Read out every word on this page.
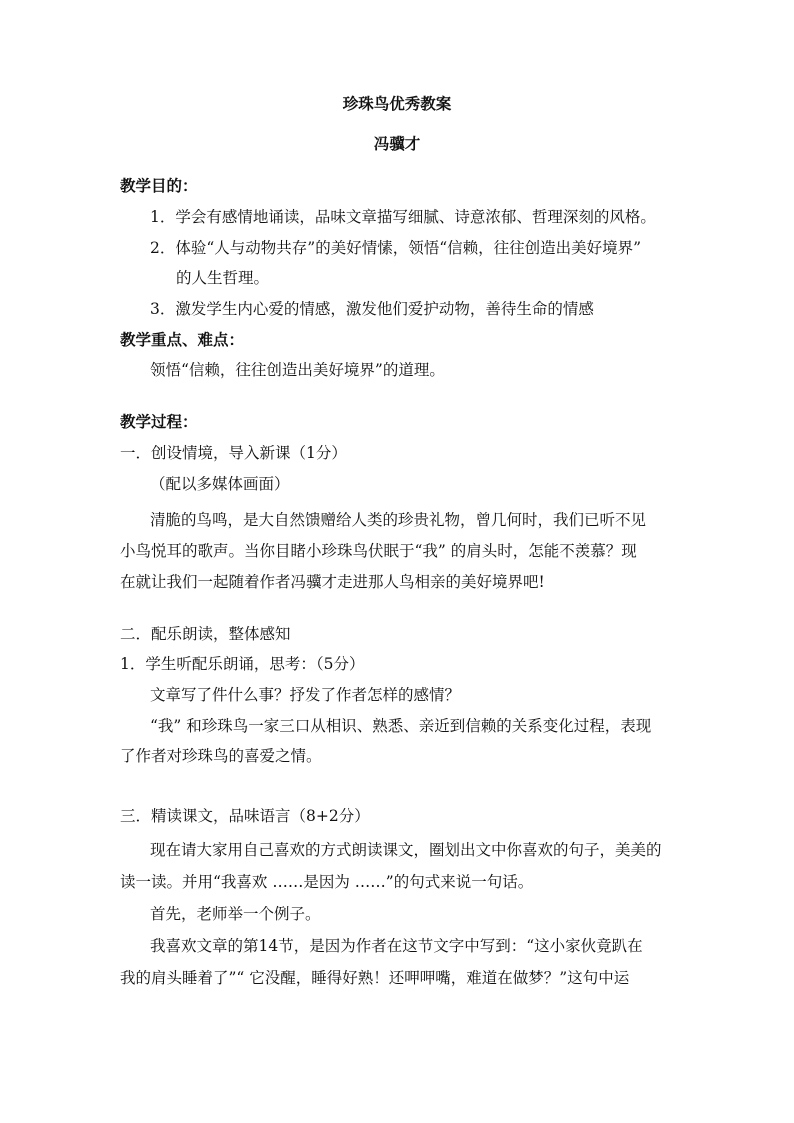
珍珠鸟优秀教案
冯骥才
教学目的：
1．学会有感情地诵读，品味文章描写细腻、诗意浓郁、哲理深刻的风格。
2．体验“人与动物共存”的美好情愫，领悟“信赖，往往创造出美好境界”
的人生哲理。
3．激发学生内心爱的情感，激发他们爱护动物，善待生命的情感
教学重点、难点：
领悟“信赖，往往创造出美好境界”的道理。
教学过程：
一．创设情境，导入新课（1分）
（配以多媒体画面）
清脆的鸟鸣，是大自然馈赠给人类的珍贵礼物，曾几何时，我们已听不见
小鸟悦耳的歌声。当你目睹小珍珠鸟伏眠于“我” 的肩头时，怎能不羡慕？现
在就让我们一起随着作者冯骥才走进那人鸟相亲的美好境界吧!
二．配乐朗读，整体感知
1．学生听配乐朗诵，思考：（5分）
文章写了件什么事？抒发了作者怎样的感情？
“我” 和珍珠鸟一家三口从相识、熟悉、亲近到信赖的关系变化过程，表现
了作者对珍珠鸟的喜爱之情。
三．精读课文，品味语言（8+2分）
现在请大家用自己喜欢的方式朗读课文，圈划出文中你喜欢的句子，美美的
读一读。并用“我喜欢 ……是因为 ……”的句式来说一句话。
首先，老师举一个例子。
我喜欢文章的第14节，是因为作者在这节文字中写到：“这小家伙竟趴在
我的肩头睡着了”“ 它没醒，睡得好熟！还呷呷嘴，难道在做梦？”这句中运
